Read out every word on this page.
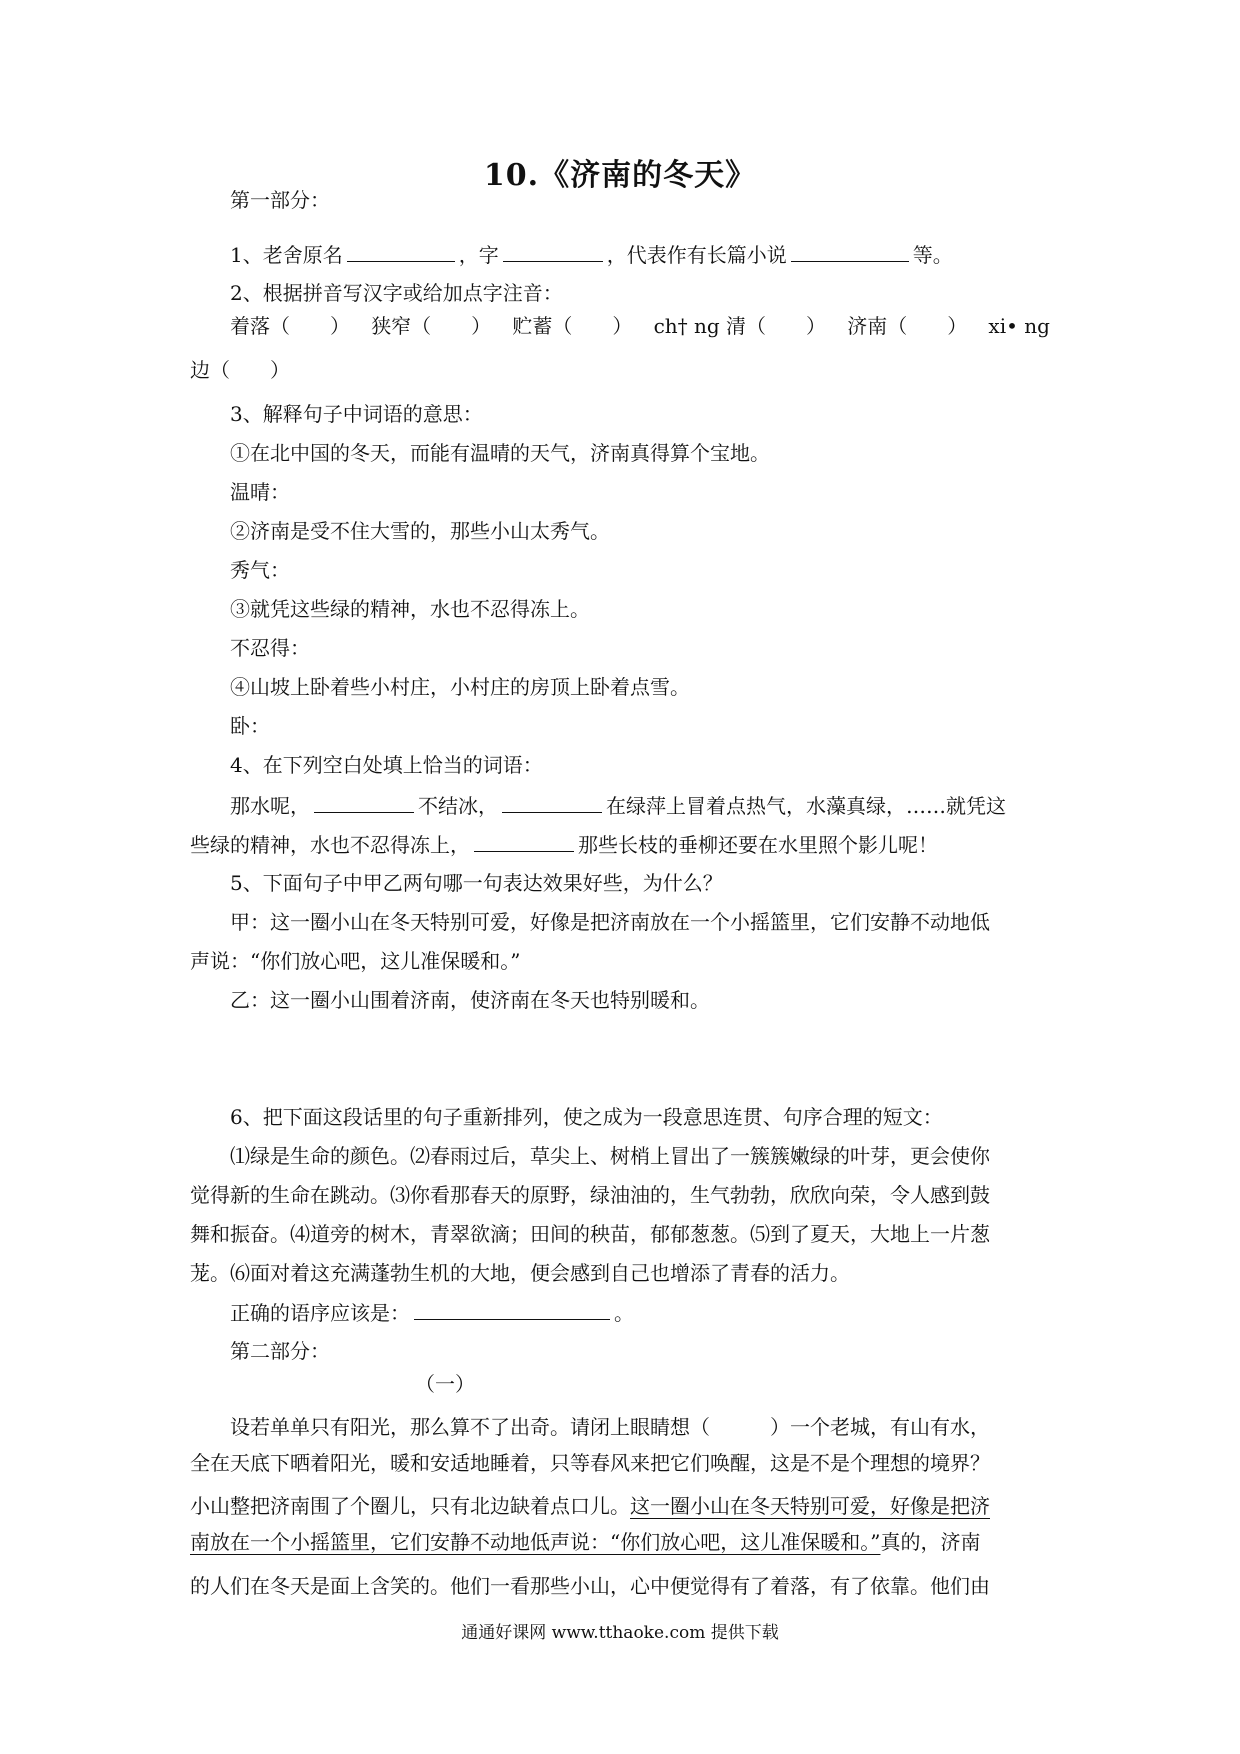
10.《济南的冬天》
第一部分：
1、老舍原名	，字	，代表作有长篇小说	等。
2、根据拼音写汉字或给加点字注音：
着落（　　） 狭窄（　　） 贮蓄（　　） ch† ng 清（　　） 济南（　　） xi• ng
边（　　）
3、解释句子中词语的意思：
①在北中国的冬天，而能有温晴的天气，济南真得算个宝地。
温晴：
②济南是受不住大雪的，那些小山太秀气。
秀气：
③就凭这些绿的精神，水也不忍得冻上。
不忍得：
④山坡上卧着些小村庄，小村庄的房顶上卧着点雪。
卧：
4、在下列空白处填上恰当的词语：
那水呢，	不结冰，	在绿萍上冒着点热气，水藻真绿，……就凭这
些绿的精神，水也不忍得冻上，	那些长枝的垂柳还要在水里照个影儿呢！
5、下面句子中甲乙两句哪一句表达效果好些，为什么？
甲：这一圈小山在冬天特别可爱，好像是把济南放在一个小摇篮里，它们安静不动地低
声说：“你们放心吧，这儿准保暖和。”
乙：这一圈小山围着济南，使济南在冬天也特别暖和。
6、把下面这段话里的句子重新排列，使之成为一段意思连贯、句序合理的短文：
⑴绿是生命的颜色。⑵春雨过后，草尖上、树梢上冒出了一簇簇嫩绿的叶芽，更会使你
觉得新的生命在跳动。⑶你看那春天的原野，绿油油的，生气勃勃，欣欣向荣，令人感到鼓
舞和振奋。⑷道旁的树木，青翠欲滴；田间的秧苗，郁郁葱葱。⑸到了夏天，大地上一片葱
茏。⑹面对着这充满蓬勃生机的大地，便会感到自己也增添了青春的活力。
正确的语序应该是：	。
第二部分：
（一）
设若单单只有阳光，那么算不了出奇。请闭上眼睛想（	）一个老城，有山有水，
全在天底下晒着阳光，暖和安适地睡着，只等春风来把它们唤醒，这是不是个理想的境界？
小山整把济南围了个圈儿，只有北边缺着点口儿。这一圈小山在冬天特别可爱，好像是把济
南放在一个小摇篮里，它们安静不动地低声说：“你们放心吧，这儿准保暖和。”真的，济南
的人们在冬天是面上含笑的。他们一看那些小山，心中便觉得有了着落，有了依靠。他们由
通通好课网 www.tthaoke.com 提供下载
